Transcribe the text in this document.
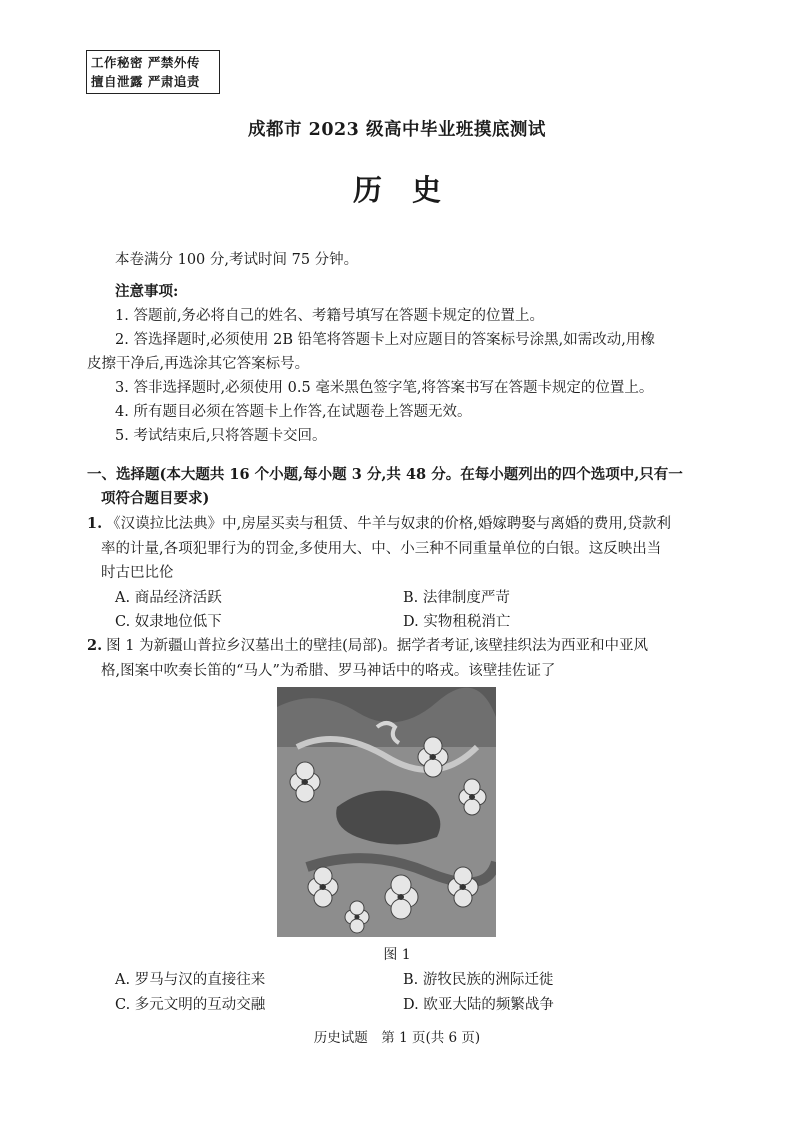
工作秘密 严禁外传
擅自泄露 严肃追责
成都市 2023 级高中毕业班摸底测试
历史
本卷满分 100 分,考试时间 75 分钟。
注意事项:
1. 答题前,务必将自己的姓名、考籍号填写在答题卡规定的位置上。
2. 答选择题时,必须使用 2B 铅笔将答题卡上对应题目的答案标号涂黑,如需改动,用橡
皮擦干净后,再选涂其它答案标号。
3. 答非选择题时,必须使用 0.5 毫米黑色签字笔,将答案书写在答题卡规定的位置上。
4. 所有题目必须在答题卡上作答,在试题卷上答题无效。
5. 考试结束后,只将答题卡交回。
一、选择题(本大题共 16 个小题,每小题 3 分,共 48 分。在每小题列出的四个选项中,只有一
项符合题目要求)
1. 《汉谟拉比法典》中,房屋买卖与租赁、牛羊与奴隶的价格,婚嫁聘娶与离婚的费用,贷款利
率的计量,各项犯罪行为的罚金,多使用大、中、小三种不同重量单位的白银。这反映出当
时古巴比伦
A. 商品经济活跃	B. 法律制度严苛
C. 奴隶地位低下	D. 实物租税消亡
2. 图 1 为新疆山普拉乡汉墓出土的壁挂(局部)。据学者考证,该壁挂织法为西亚和中亚风
格,图案中吹奏长笛的“马人”为希腊、罗马神话中的咯戎。该壁挂佐证了
图 1
A. 罗马与汉的直接往来	B. 游牧民族的洲际迁徙
C. 多元文明的互动交融	D. 欧亚大陆的频繁战争
历史试题　第 1 页(共 6 页)
